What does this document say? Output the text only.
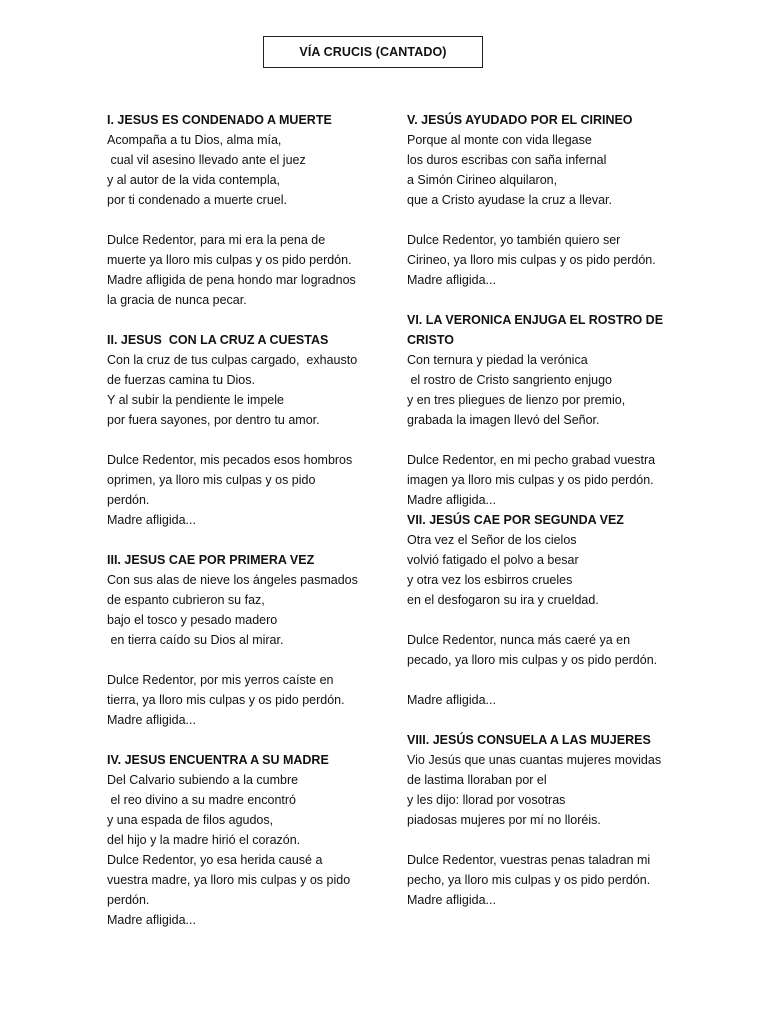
VÍA CRUCIS (CANTADO)

I. JESUS ES CONDENADO A MUERTE

Acompaña a tu Dios, alma mía,

cual vil asesino llevado ante el juez

y al autor de la vida contempla,

por ti condenado a muerte cruel.

Dulce Redentor, para mi era la pena de

muerte ya lloro mis culpas y os pido perdón.

Madre afligida de pena hondo mar logradnos

la gracia de nunca pecar.

II. JESUS  CON LA CRUZ A CUESTAS

Con la cruz de tus culpas cargado,  exhausto

de fuerzas camina tu Dios.

Y al subir la pendiente le impele

por fuera sayones, por dentro tu amor.

Dulce Redentor, mis pecados esos hombros

oprimen, ya lloro mis culpas y os pido

perdón.

Madre afligida...

III. JESUS CAE POR PRIMERA VEZ

Con sus alas de nieve los ángeles pasmados

de espanto cubrieron su faz,

bajo el tosco y pesado madero

en tierra caído su Dios al mirar.

Dulce Redentor, por mis yerros caíste en

tierra, ya lloro mis culpas y os pido perdón.

Madre afligida...

IV. JESUS ENCUENTRA A SU MADRE

Del Calvario subiendo a la cumbre

el reo divino a su madre encontró

y una espada de filos agudos,

del hijo y la madre hirió el corazón.

Dulce Redentor, yo esa herida causé a

vuestra madre, ya lloro mis culpas y os pido

perdón.

Madre afligida...

V. JESÚS AYUDADO POR EL CIRINEO

Porque al monte con vida llegase

los duros escribas con saña infernal

a Simón Cirineo alquilaron,

que a Cristo ayudase la cruz a llevar.

Dulce Redentor, yo también quiero ser

Cirineo, ya lloro mis culpas y os pido perdón.

Madre afligida...

VI. LA VERONICA ENJUGA EL ROSTRO DE

CRISTO

Con ternura y piedad la verónica

el rostro de Cristo sangriento enjugo

y en tres pliegues de lienzo por premio,

grabada la imagen llevó del Señor.

Dulce Redentor, en mi pecho grabad vuestra

imagen ya lloro mis culpas y os pido perdón.

Madre afligida...

VII. JESÚS CAE POR SEGUNDA VEZ

Otra vez el Señor de los cielos

volvió fatigado el polvo a besar

y otra vez los esbirros crueles

en el desfogaron su ira y crueldad.

Dulce Redentor, nunca más caeré ya en

pecado, ya lloro mis culpas y os pido perdón.

Madre afligida...

VIII. JESÚS CONSUELA A LAS MUJERES

Vio Jesús que unas cuantas mujeres movidas

de lastima lloraban por el

y les dijo: llorad por vosotras

piadosas mujeres por mí no lloréis.

Dulce Redentor, vuestras penas taladran mi

pecho, ya lloro mis culpas y os pido perdón.

Madre afligida...
